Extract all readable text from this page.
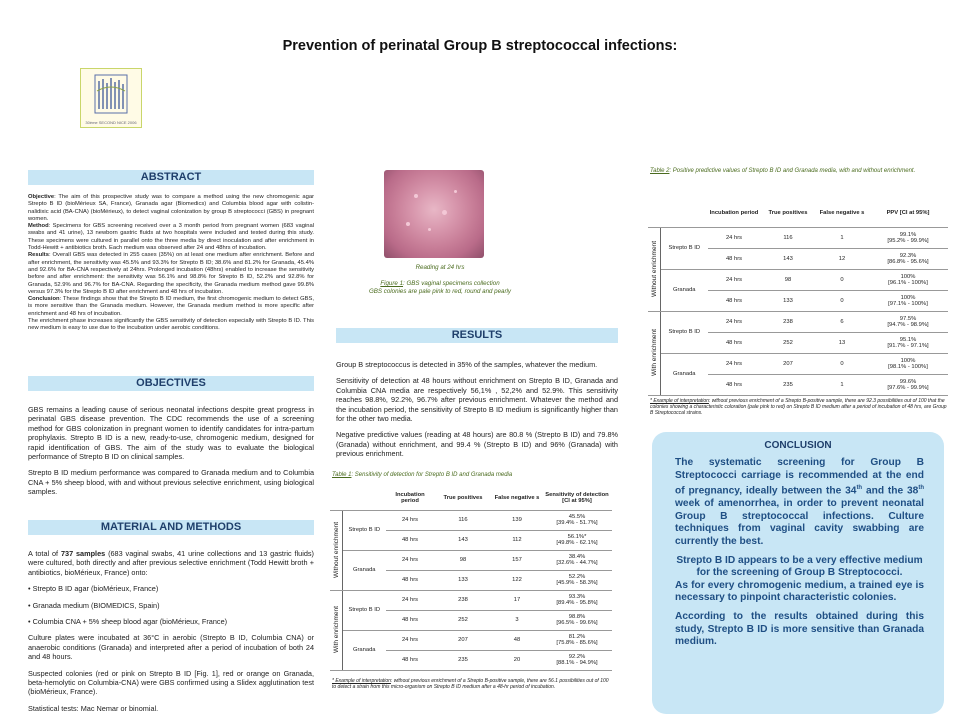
Prevention of perinatal Group B streptococcal infections:
30ème SECOND NICE 2006
ABSTRACT

Objective: The aim of this prospective study was to compare a method using the new chromogenic agar Strepto B ID (bioMérieux SA, France), Granada agar (Biomedics) and Columbia blood agar with colistin-nalidixic acid (BA-CNA) (bioMérieux), to detect vaginal colonization by group B streptococci (GBS) in pregnant women.

Method: Specimens for GBS screening received over a 3 month period from pregnant women (683 vaginal swabs and 41 urine), 13 newborn gastric fluids at two hospitals were included and tested during this study. These specimens were cultured in parallel onto the three media by direct inoculation and after enrichment in Todd-Hewitt + antibiotics broth. Each medium was observed after 24 and 48hrs of incubation.

Results: Overall GBS was detected in 255 cases (35%) on at least one medium after enrichment. Before and after enrichment, the sensitivity was 45.5% and 93.3% for Strepto B ID; 38.6% and 81.2% for Granada, 45.4% and 92.6% for BA-CNA respectively at 24hrs. Prolonged incubation (48hrs) enabled to increase the sensitivity before and after enrichment: the sensitivity was 56.1% and 98.8% for Strepto B ID, 52.2% and 92.8% for Granada, 52.9% and 96.7% for BA-CNA. Regarding the specificity, the Granada medium method gave 99.8% versus 97.3% for the Strepto B ID after enrichment and 48 hrs of incubation.

Conclusion: These findings show that the Strepto B ID medium, the first chromogenic medium to detect GBS, is more sensitive than the Granada medium. However, the Granada medium method is more specific after enrichment and 48 hrs of incubation.

The enrichment phase increases significantly the GBS sensitivity of detection especially with Strepto B ID. This new medium is easy to use due to the incubation under aerobic conditions.

OBJECTIVES

GBS remains a leading cause of serious neonatal infections despite great progress in perinatal GBS disease prevention. The CDC recommends the use of a screening method for GBS colonization in pregnant women to identify candidates for intra-partum prophylaxis. Strepto B ID is a new, ready-to-use, chromogenic medium, designed for rapid identification of GBS. The aim of the study was to evaluate the biological performance of Strepto B ID on clinical samples.

Strepto B ID medium performance was compared to Granada medium and to Columbia CNA + 5% sheep blood, with and without previous selective enrichment, using biological samples.

MATERIAL AND METHODS

A total of 737 samples (683 vaginal swabs, 41 urine collections and 13 gastric fluids) were cultured, both directly and after previous selective enrichment (Todd Hewitt broth + antibiotics, bioMérieux, France) onto:

• Strepto B ID agar (bioMérieux, France)
• Granada medium (BIOMEDICS, Spain)
• Columbia CNA + 5% sheep blood agar (bioMérieux, France)

Culture plates were incubated at 36°C in aerobic (Strepto B ID, Columbia CNA) or anaerobic conditions (Granada) and interpreted after a period of incubation of both 24 and 48 hours.

Suspected colonies (red or pink on Strepto B ID [Fig. 1], red or orange on Granada, beta-hemolytic on Columbia-CNA) were GBS confirmed using a Slidex agglutination test (bioMérieux, France).

Statistical tests: Mac Nemar or binomial.

Reading at 24 hrs
Figure 1: GBS vaginal specimens collection
GBS colonies are pale pink to red, round and pearly
RESULTS

Group B streptococcus is detected in 35% of the samples, whatever the medium.

Sensitivity of detection at 48 hours without enrichment on Strepto B ID, Granada and Columbia CNA media are respectively 56,1% , 52,2% and 52.9%. This sensitivity reaches 98.8%, 92.2%, 96.7% after previous enrichment. Whatever the method and the incubation period, the sensitivity of Strepto B ID medium is significantly higher than for the other two media.

Negative predictive values (reading at 48 hours) are 80.8 % (Strepto B ID) and 79.8% (Granada) without enrichment, and 99.4 % (Strepto B ID) and 96% (Granada) with previous enrichment.

Table 1: Sensitivity of detection for Strepto B ID and Granada media
		Incubation period	True positives	False negative s	Sensitivity of detection [CI at 95%]
Without enrichment	Strepto B ID	24 hrs	116	139	45.5%
[39.4% - 51.7%]
		48 hrs	143	112	56.1%*
[49.8% - 62.1%]
	Granada	24 hrs	98	157	38.4%
[32.6% - 44.7%]
		48 hrs	133	122	52.2%
[45.9% - 58.3%]
With enrichment	Strepto B ID	24 hrs	238	17	93.3%
[89.4% - 95.8%]
		48 hrs	252	3	98.8%
[96.5% - 99.6%]
	Granada	24 hrs	207	48	81.2%
[75.8% - 85.6%]
		48 hrs	235	20	92.2%
[88.1% - 94.9%]
* Example of interpretation: without previous enrichment of a Strepto B-positive sample, there are 56.1 possibilities out of 100 to detect a strain from this micro-organism on Strepto B ID medium after a 48-hr period of incubation.
Table 2: Positive predictive values of Strepto B ID and Granada media, with and without enrichment.
		Incubation period	True positives	False negative s	PPV [CI at 95%]
Without enrichment	Strepto B ID	24 hrs	116	1	99.1%
[95.2% - 99.9%]
		48 hrs	143	12	92.3%
[86.8% - 95.6%]
	Granada	24 hrs	98	0	100%
[96.1% - 100%]
		48 hrs	133	0	100%
[97.1% - 100%]
With enrichment	Strepto B ID	24 hrs	238	6	97.5%
[94.7% - 98.9%]
		48 hrs	252	13	95.1%
[91.7% - 97.1%]
	Granada	24 hrs	207	0	100%
[98.1% - 100%]
		48 hrs	235	1	99.6%
[97.6% - 99.9%]
* Example of interpretation: without previous enrichment of a Strepto B-positive sample, there are 92.3 possibilities out of 100 that the colonies showing a characteristic coloration (pale pink to red) on Strepto B ID medium after a period of incubation of 48 hrs, are Group B Streptococcal strains.
CONCLUSION

The systematic screening for Group B Streptococci carriage is recommended at the end of pregnancy, ideally between the 34th and the 38th week of amenorrhea, in order to prevent neonatal Group B streptococcal infections. Culture techniques from vaginal cavity swabbing are currently the best.

Strepto B ID appears to be a very effective medium for the screening of Group B Streptococci.

As for every chromogenic medium, a trained eye is necessary to pinpoint characteristic colonies.

According to the results obtained during this study, Strepto B ID is more sensitive than Granada medium.
